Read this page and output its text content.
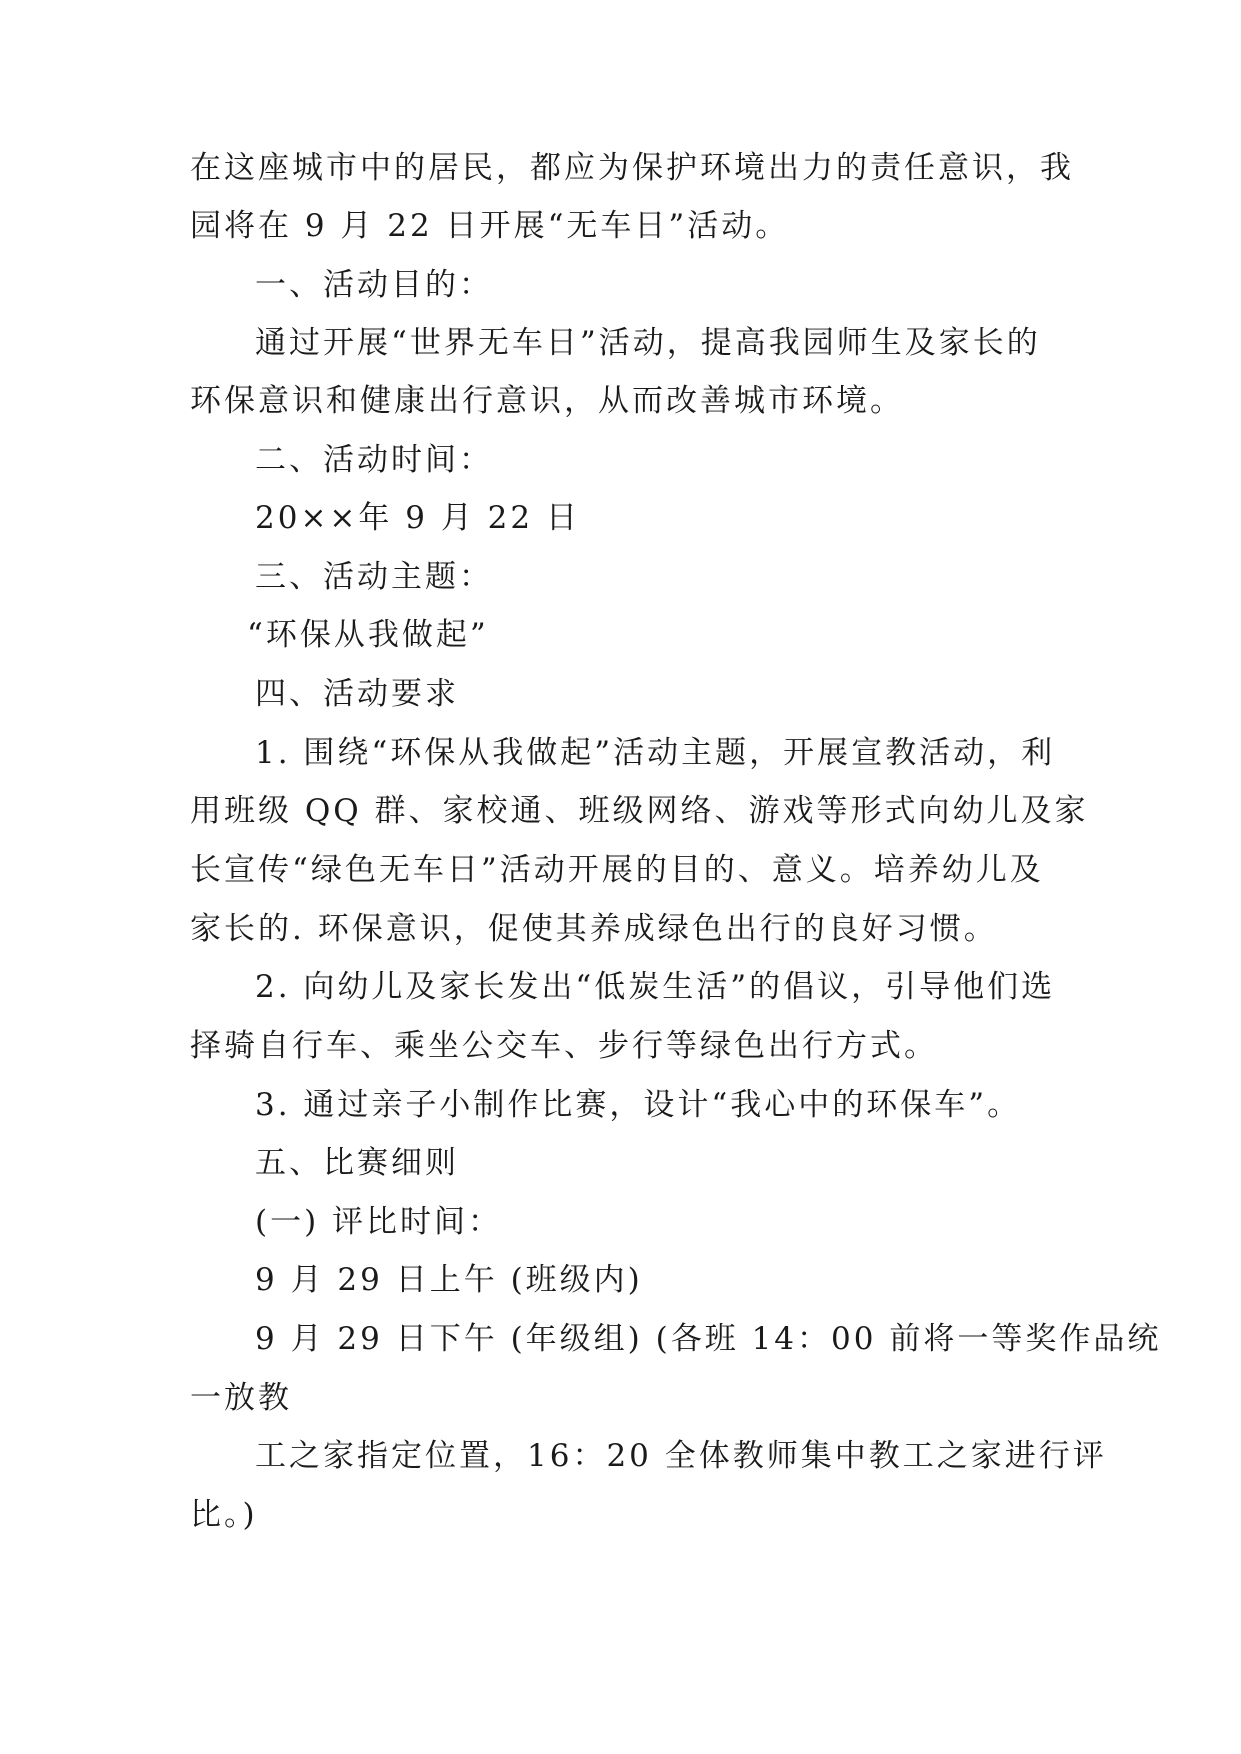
在这座城市中的居民，都应为保护环境出力的责任意识，我

园将在 9 月 22 日开展“无车日”活动。

一、活动目的：

通过开展“世界无车日”活动，提高我园师生及家长的

环保意识和健康出行意识，从而改善城市环境。

二、活动时间：

20××年 9 月 22 日

三、活动主题：

“环保从我做起”

四、活动要求

1. 围绕“环保从我做起”活动主题，开展宣教活动，利

用班级 QQ 群、家校通、班级网络、游戏等形式向幼儿及家

长宣传“绿色无车日”活动开展的目的、意义。培养幼儿及

家长的. 环保意识，促使其养成绿色出行的良好习惯。

2. 向幼儿及家长发出“低炭生活”的倡议，引导他们选

择骑自行车、乘坐公交车、步行等绿色出行方式。

3. 通过亲子小制作比赛，设计“我心中的环保车”。

五、比赛细则

(一) 评比时间：

9 月 29 日上午 (班级内)

9 月 29 日下午 (年级组) (各班 14：00 前将一等奖作品统

一放教

工之家指定位置，16：20 全体教师集中教工之家进行评

比。)
